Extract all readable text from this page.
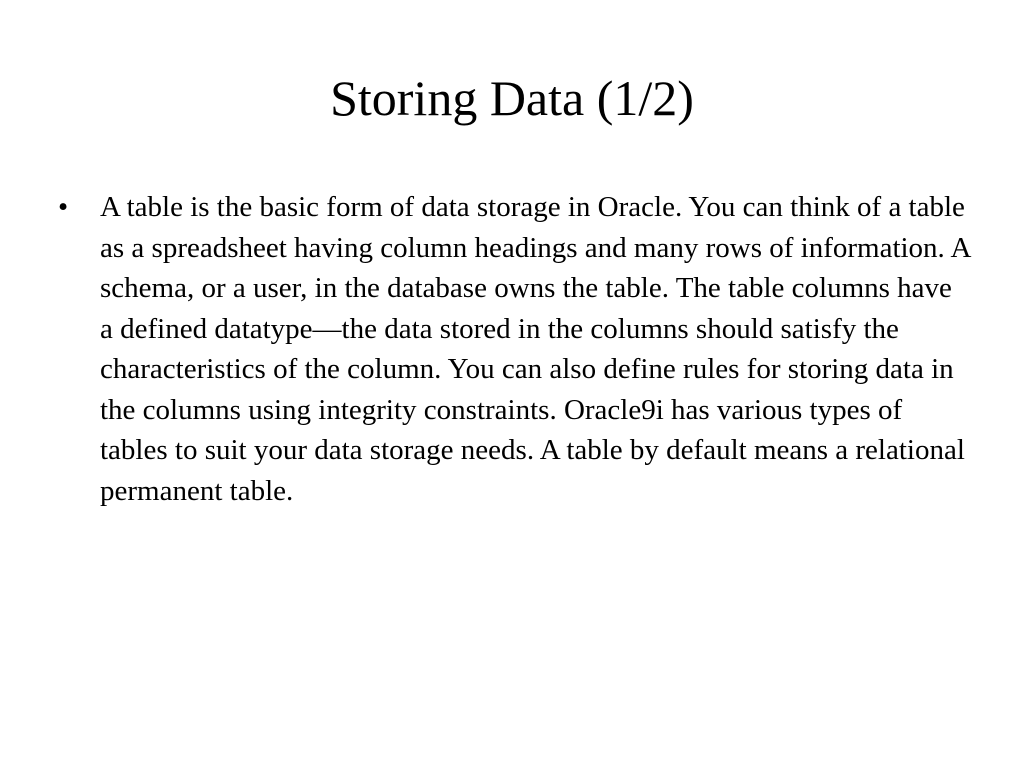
Storing Data (1/2)
•	A table is the basic form of data storage in Oracle. You can think of a table as a spreadsheet having column headings and many rows of information. A schema, or a user, in the database owns the table. The table columns have a defined datatype—the data stored in the columns should satisfy the characteristics of the column. You can also define rules for storing data in the columns using integrity constraints. Oracle9i has various types of tables to suit your data storage needs. A table by default means a relational permanent table.
